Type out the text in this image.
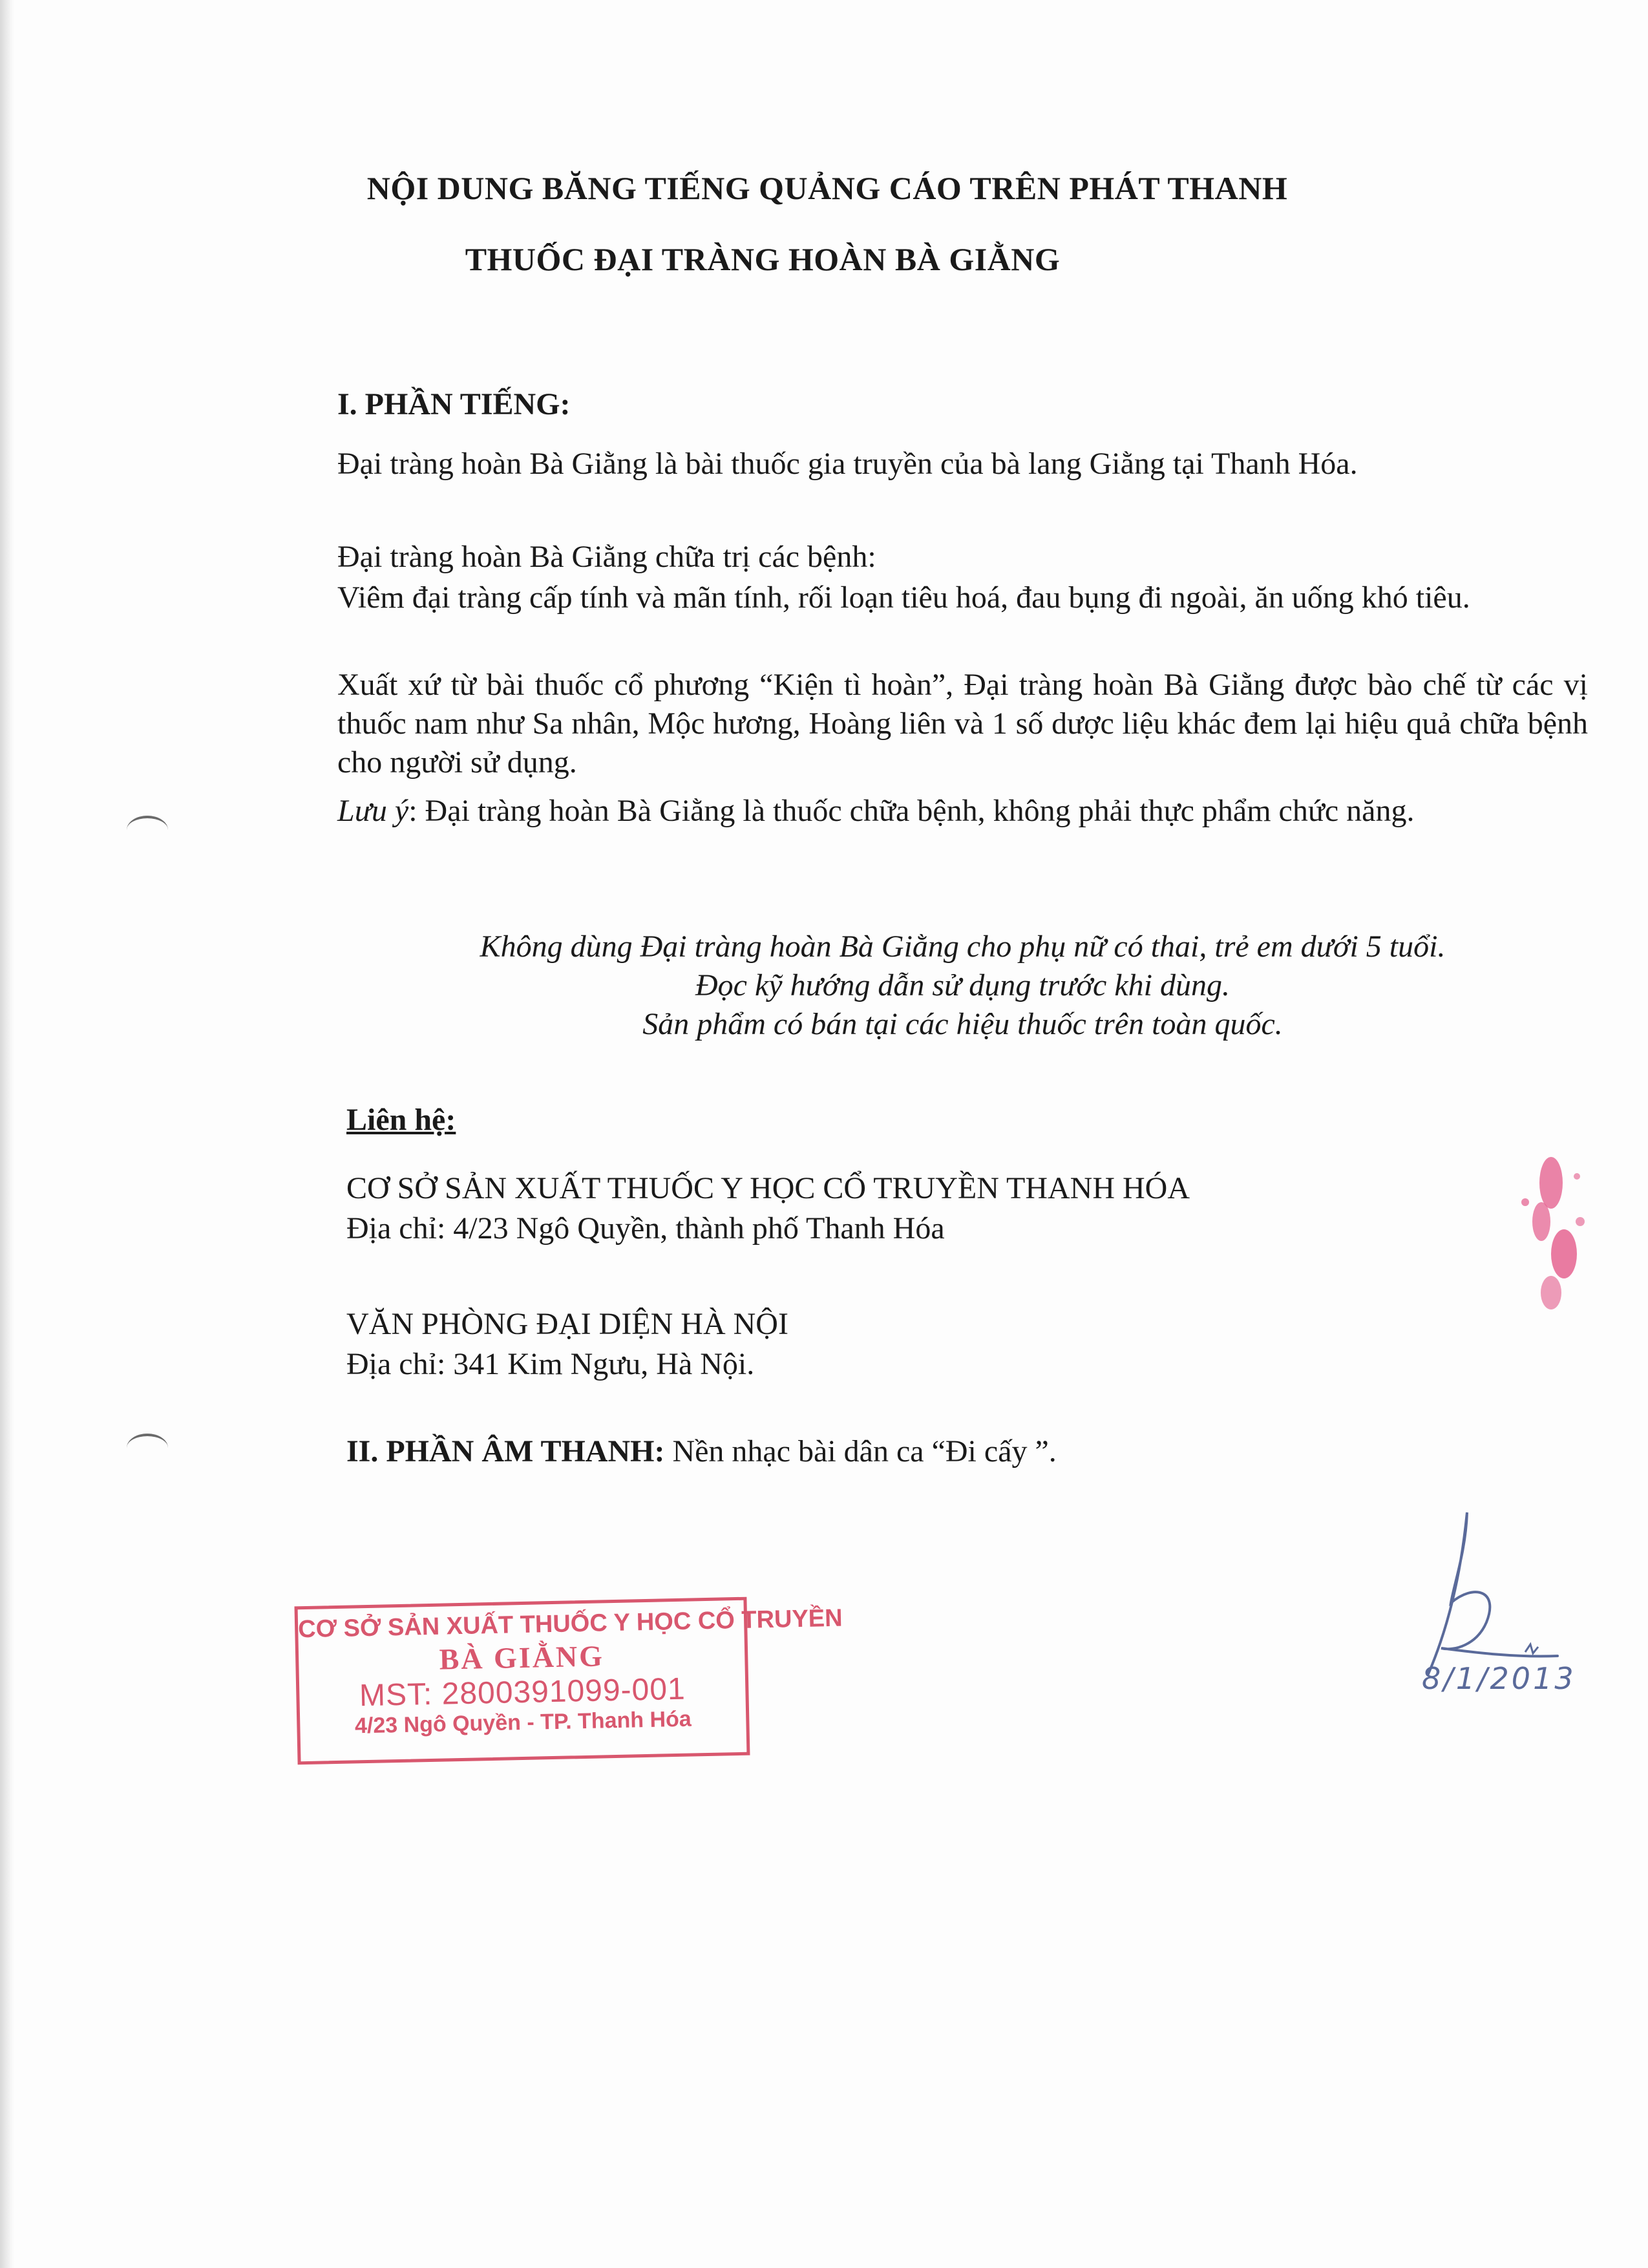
NỘI DUNG BĂNG TIẾNG QUẢNG CÁO TRÊN PHÁT THANH
THUỐC ĐẠI TRÀNG HOÀN BÀ GIẰNG
I. PHẦN TIẾNG:

Đại tràng hoàn Bà Giằng là bài thuốc gia truyền của bà lang Giằng tại Thanh Hóa.

Đại tràng hoàn Bà Giằng chữa trị các bệnh:

Viêm đại tràng cấp tính và mãn tính, rối loạn tiêu hoá, đau bụng đi ngoài, ăn uống khó tiêu.

Xuất xứ từ bài thuốc cổ phương “Kiện tì hoàn”, Đại tràng hoàn Bà Giằng được bào chế từ các vị thuốc nam như Sa nhân, Mộc hương, Hoàng liên và 1 số dược liệu khác đem lại hiệu quả chữa bệnh cho người sử dụng.

Lưu ý: Đại tràng hoàn Bà Giằng là thuốc chữa bệnh, không phải thực phẩm chức năng.

Không dùng Đại tràng hoàn Bà Giằng cho phụ nữ có thai, trẻ em dưới 5 tuổi.
Đọc kỹ hướng dẫn sử dụng trước khi dùng.
Sản phẩm có bán tại các hiệu thuốc trên toàn quốc.
Liên hệ:
CƠ SỞ SẢN XUẤT THUỐC Y HỌC CỔ TRUYỀN THANH HÓA
Địa chỉ: 4/23 Ngô Quyền, thành phố Thanh Hóa
VĂN PHÒNG ĐẠI DIỆN HÀ NỘI
Địa chỉ: 341 Kim Ngưu, Hà Nội.
II. PHẦN ÂM THANH: Nền nhạc bài dân ca “Đi cấy ”.
CƠ SỞ SẢN XUẤT THUỐC Y HỌC CỔ TRUYỀN
BÀ GIẰNG
MST: 2800391099-001
4/23 Ngô Quyền - TP. Thanh Hóa
8/1/2013
